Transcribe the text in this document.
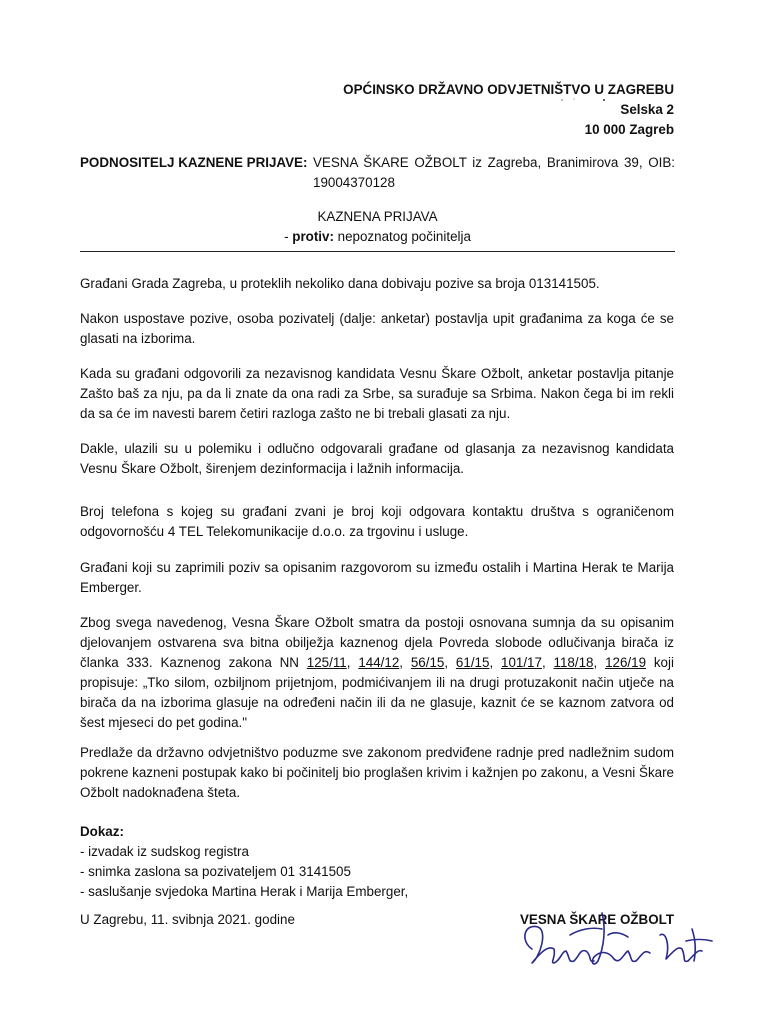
OPĆINSKO DRŽAVNO ODVJETNIŠTVO U ZAGREBU
Selska 2
10 000 Zagreb
PODNOSITELJ KAZNENE PRIJAVE: VESNA ŠKARE OŽBOLT iz Zagreba, Branimirova 39, OIB: 19004370128
KAZNENA PRIJAVA
- protiv: nepoznatog počinitelja
Građani Grada Zagreba, u proteklih nekoliko dana dobivaju pozive sa broja 013141505.
Nakon uspostave pozive, osoba pozivatelj (dalje: anketar) postavlja upit građanima za koga će se glasati na izborima.
Kada su građani odgovorili za nezavisnog kandidata Vesnu Škare Ožbolt, anketar postavlja pitanje Zašto baš za nju, pa da li znate da ona radi za Srbe, sa surađuje sa Srbima. Nakon čega bi im rekli da sa će im navesti barem četiri razloga zašto ne bi trebali glasati za nju.
Dakle, ulazili su u polemiku i odlučno odgovarali građane od glasanja za nezavisnog kandidata Vesnu Škare Ožbolt, širenjem dezinformacija i lažnih informacija.
Broj telefona s kojeg su građani zvani je broj koji odgovara kontaktu društva s ograničenom odgovornošću 4 TEL Telekomunikacije d.o.o. za trgovinu i usluge.
Građani koji su zaprimili poziv sa opisanim razgovorom su između ostalih i Martina Herak te Marija Emberger.
Zbog svega navedenog, Vesna Škare Ožbolt smatra da postoji osnovana sumnja da su opisanim djelovanjem ostvarena sva bitna obilježja kaznenog djela Povreda slobode odlučivanja birača iz članka 333. Kaznenog zakona NN 125/11, 144/12, 56/15, 61/15, 101/17, 118/18, 126/19 koji propisuje: „Tko silom, ozbiljnom prijetnjom, podmićivanjem ili na drugi protuzakonit način utječe na birača da na izborima glasuje na određeni način ili da ne glasuje, kaznit će se kaznom zatvora od šest mjeseci do pet godina."
Predlaže da državno odvjetništvo poduzme sve zakonom predviđene radnje pred nadležnim sudom pokrene kazneni postupak kako bi počinitelj bio proglašen krivim i kažnjen po zakonu, a Vesni Škare Ožbolt nadoknađena šteta.
Dokaz:
- izvadak iz sudskog registra
- snimka zaslona sa pozivateljem 01 3141505
- saslušanje svjedoka Martina Herak i Marija Emberger,
U Zagrebu, 11. svibnja 2021. godine	VESNA ŠKARE OŽBOLT
